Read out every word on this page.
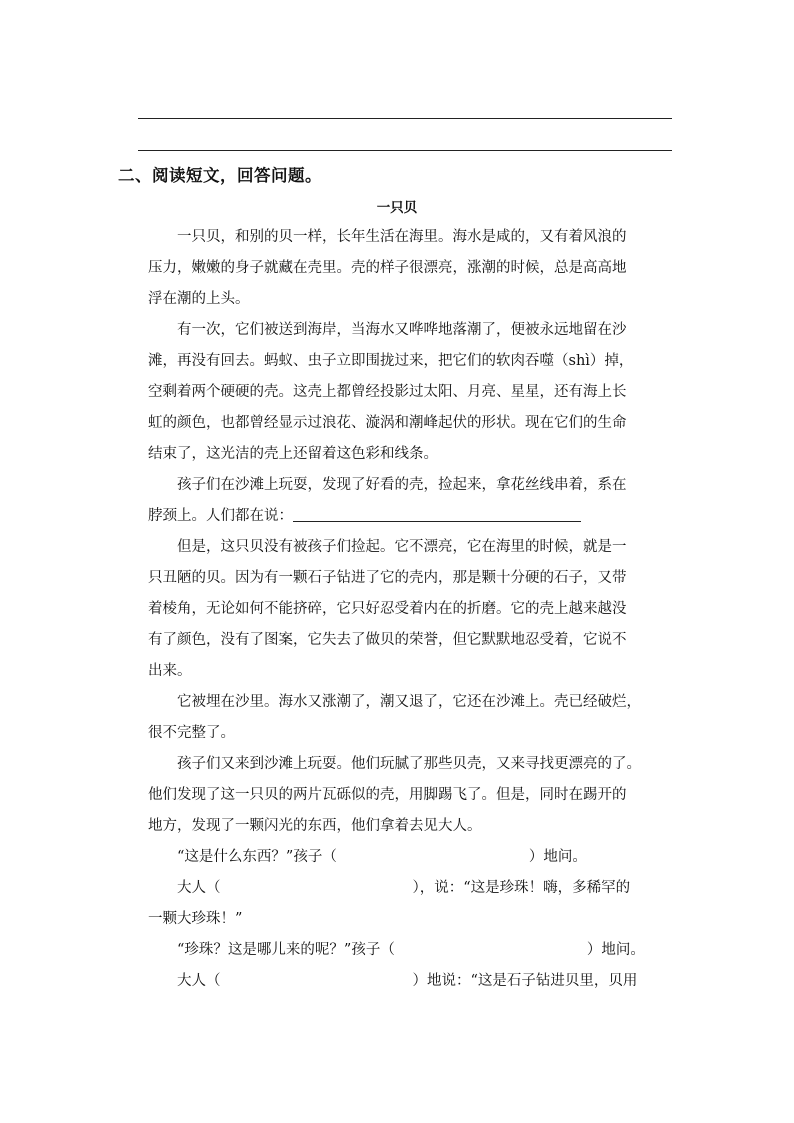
二、阅读短文，回答问题。
一只贝
一只贝，和别的贝一样，长年生活在海里。海水是咸的，又有着风浪的
压力，嫩嫩的身子就藏在壳里。壳的样子很漂亮，涨潮的时候，总是高高地
浮在潮的上头。
有一次，它们被送到海岸，当海水又哗哗地落潮了，便被永远地留在沙
滩，再没有回去。蚂蚁、虫子立即围拢过来，把它们的软肉吞噬（shì）掉，
空剩着两个硬硬的壳。这壳上都曾经投影过太阳、月亮、星星，还有海上长
虹的颜色，也都曾经显示过浪花、漩涡和潮峰起伏的形状。现在它们的生命
结束了，这光洁的壳上还留着这色彩和线条。
孩子们在沙滩上玩耍，发现了好看的壳，捡起来，拿花丝线串着，系在
脖颈上。人们都在说：
但是，这只贝没有被孩子们捡起。它不漂亮，它在海里的时候，就是一
只丑陋的贝。因为有一颗石子钻进了它的壳内，那是颗十分硬的石子，又带
着棱角，无论如何不能挤碎，它只好忍受着内在的折磨。它的壳上越来越没
有了颜色，没有了图案，它失去了做贝的荣誉，但它默默地忍受着，它说不
出来。
它被埋在沙里。海水又涨潮了，潮又退了，它还在沙滩上。壳已经破烂，
很不完整了。
孩子们又来到沙滩上玩耍。他们玩腻了那些贝壳，又来寻找更漂亮的了。
他们发现了这一只贝的两片瓦砾似的壳，用脚踢飞了。但是，同时在踢开的
地方，发现了一颗闪光的东西，他们拿着去见大人。
“这是什么东西？”孩子（	）地问。
大人（	），说：“这是珍珠！嗨，多稀罕的
一颗大珍珠！”
“珍珠？这是哪儿来的呢？”孩子（	）地问。
大人（	）地说：“这是石子钻进贝里，贝用
